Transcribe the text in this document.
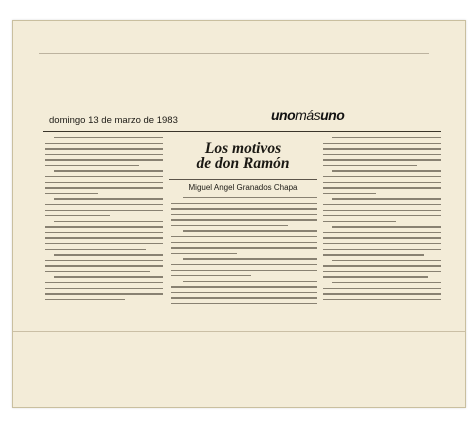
domingo 13 de marzo de 1983	unomásuno
Los motivos
de don Ramón
Miguel Angel Granados Chapa
